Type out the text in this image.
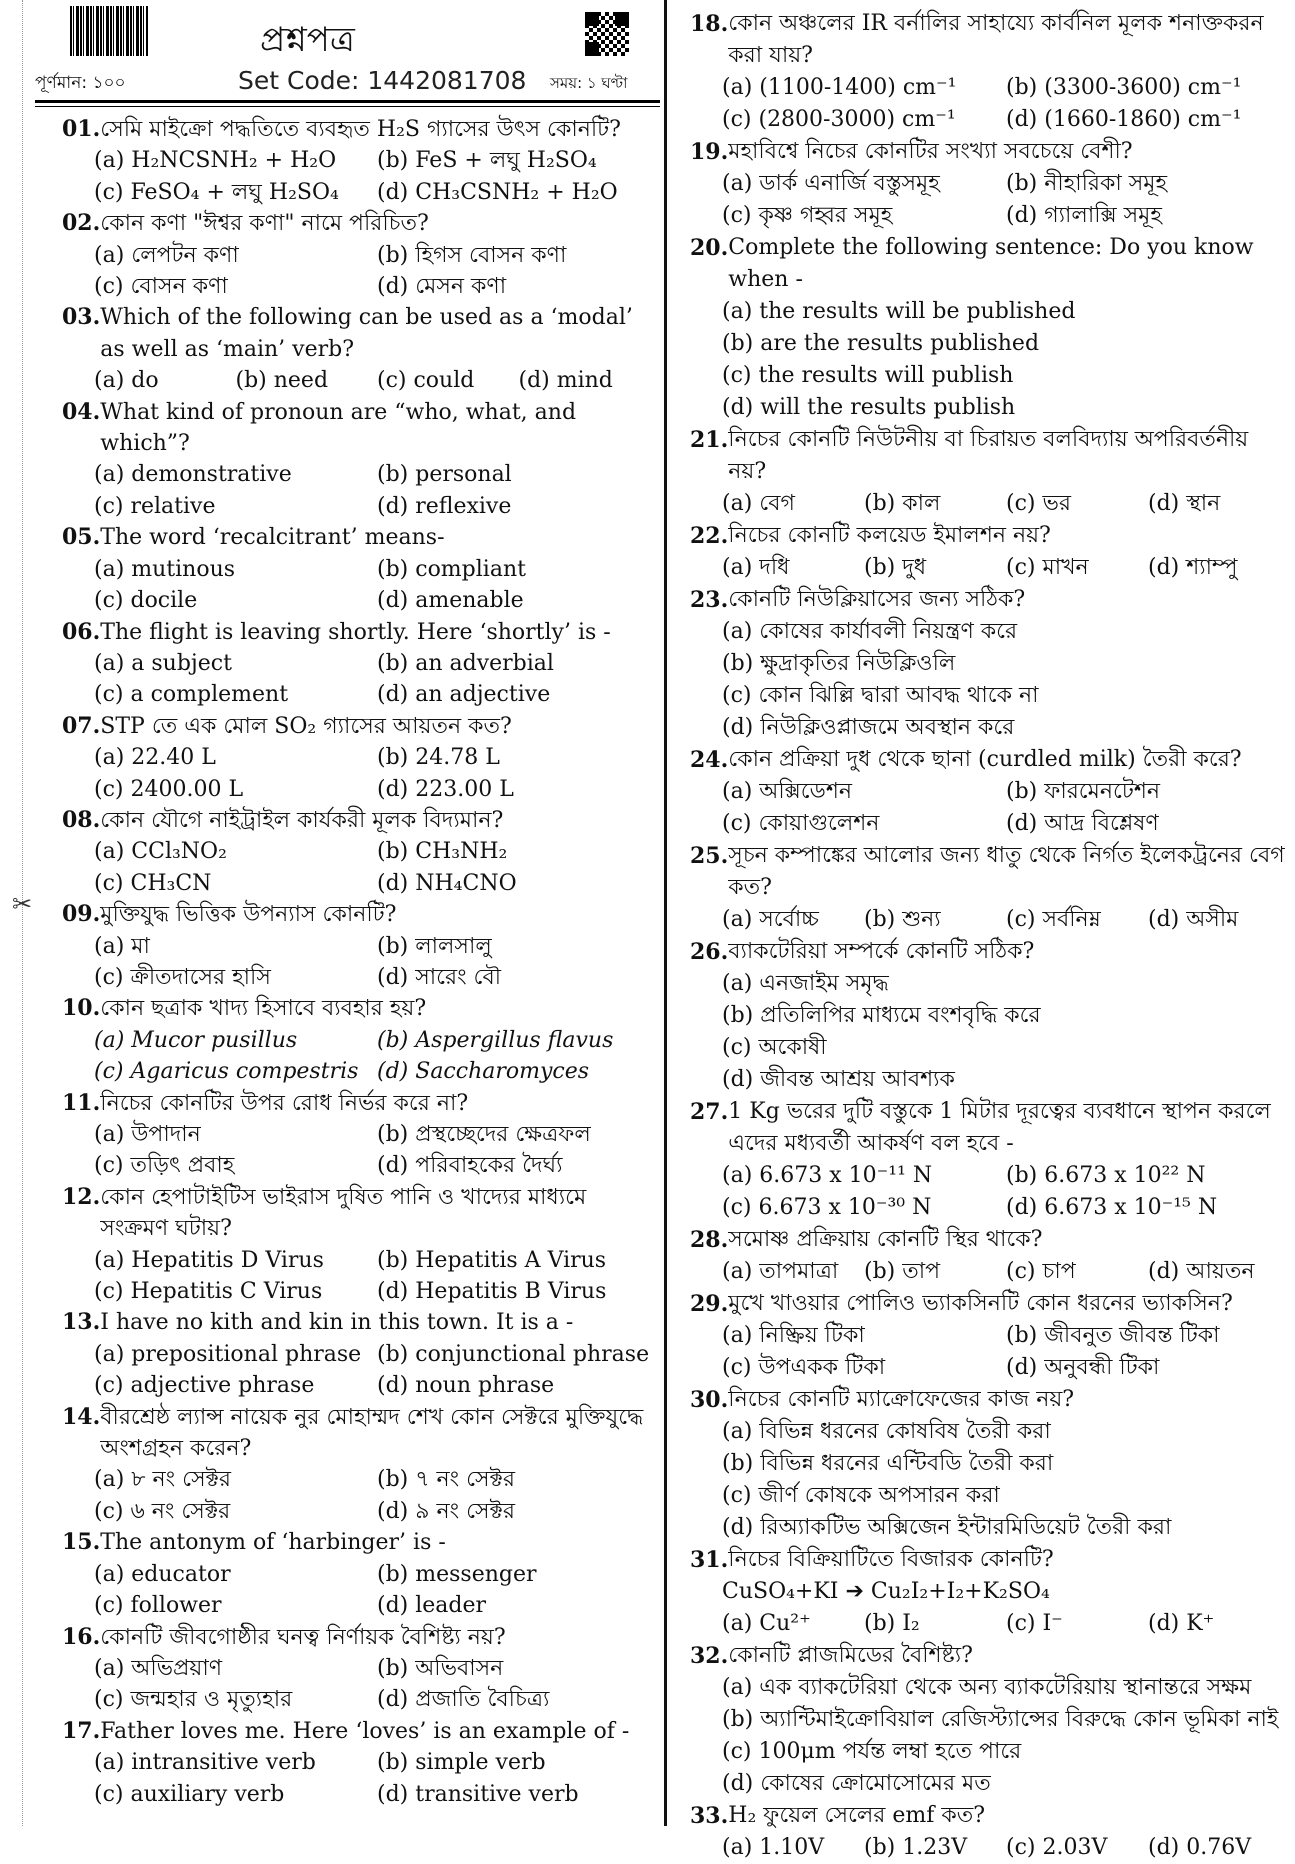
✂
প্রশ্নপত্র
পূর্ণমান: ১০০	Set Code: 1442081708 সময়: ১ ঘণ্টা
01. সেমি মাইক্রো পদ্ধতিতে ব্যবহৃত H₂S গ্যাসের উৎস কোনটি?
(a) H₂NCSNH₂ + H₂O	(b) FeS + লঘু H₂SO₄
(c) FeSO₄ + লঘু H₂SO₄	(d) CH₃CSNH₂ + H₂O
02. কোন কণা "ঈশ্বর কণা" নামে পরিচিত?
(a) লেপটন কণা	(b) হিগস বোসন কণা
(c) বোসন কণা	(d) মেসন কণা
03. Which of the following can be used as a ‘modal’ as well as ‘main’ verb?
(a) do	(b) need	(c) could	(d) mind
04. What kind of pronoun are “who, what, and which”?
(a) demonstrative	(b) personal
(c) relative	(d) reflexive
05. The word ‘recalcitrant’ means-
(a) mutinous	(b) compliant
(c) docile	(d) amenable
06. The flight is leaving shortly. Here ‘shortly’ is -
(a) a subject	(b) an adverbial
(c) a complement	(d) an adjective
07. STP তে এক মোল SO₂ গ্যাসের আয়তন কত?
(a) 22.40 L	(b) 24.78 L
(c) 2400.00 L	(d) 223.00 L
08. কোন যৌগে নাইট্রাইল কার্যকরী মূলক বিদ্যমান?
(a) CCl₃NO₂	(b) CH₃NH₂
(c) CH₃CN	(d) NH₄CNO
09. মুক্তিযুদ্ধ ভিত্তিক উপন্যাস কোনটি?
(a) মা	(b) লালসালু
(c) ক্রীতদাসের হাসি	(d) সারেং বৌ
10. কোন ছত্রাক খাদ্য হিসাবে ব্যবহার হয়?
(a) Mucor pusillus	(b) Aspergillus flavus
(c) Agaricus compestris (d) Saccharomyces
11. নিচের কোনটির উপর রোধ নির্ভর করে না?
(a) উপাদান	(b) প্রস্থচ্ছেদের ক্ষেত্রফল
(c) তড়িৎ প্রবাহ	(d) পরিবাহকের দৈর্ঘ্য
12. কোন হেপাটাইটিস ভাইরাস দুষিত পানি ও খাদ্যের মাধ্যমে সংক্রমণ ঘটায়?
(a) Hepatitis D Virus	(b) Hepatitis A Virus
(c) Hepatitis C Virus	(d) Hepatitis B Virus
13. I have no kith and kin in this town. It is a -
(a) prepositional phrase (b) conjunctional phrase
(c) adjective phrase	(d) noun phrase
14. বীরশ্রেষ্ঠ ল্যান্স নায়েক নুর মোহাম্মদ শেখ কোন সেক্টরে মুক্তিযুদ্ধে অংশগ্রহন করেন?
(a) ৮ নং সেক্টর	(b) ৭ নং সেক্টর
(c) ৬ নং সেক্টর	(d) ৯ নং সেক্টর
15. The antonym of ‘harbinger’ is -
(a) educator	(b) messenger
(c) follower	(d) leader
16. কোনটি জীবগোষ্ঠীর ঘনত্ব নির্ণায়ক বৈশিষ্ট্য নয়?
(a) অভিপ্রয়াণ	(b) অভিবাসন
(c) জন্মহার ও মৃত্যুহার	(d) প্রজাতি বৈচিত্র্য
17. Father loves me. Here ‘loves’ is an example of -
(a) intransitive verb	(b) simple verb
(c) auxiliary verb	(d) transitive verb
18. কোন অঞ্চলের IR বর্নালির সাহায্যে কার্বনিল মূলক শনাক্তকরন করা যায়?
(a) (1100-1400) cm⁻¹	(b) (3300-3600) cm⁻¹
(c) (2800-3000) cm⁻¹	(d) (1660-1860) cm⁻¹
19. মহাবিশ্বে নিচের কোনটির সংখ্যা সবচেয়ে বেশী?
(a) ডার্ক এনার্জি বস্তুসমূহ	(b) নীহারিকা সমূহ
(c) কৃষ্ণ গহ্বর সমূহ	(d) গ্যালাক্সি সমূহ
20. Complete the following sentence: Do you know when -
(a) the results will be published
(b) are the results published
(c) the results will publish
(d) will the results publish
21. নিচের কোনটি নিউটনীয় বা চিরায়ত বলবিদ্যায় অপরিবর্তনীয় নয়?
(a) বেগ	(b) কাল	(c) ভর	(d) স্থান
22. নিচের কোনটি কলয়েড ইমালশন নয়?
(a) দধি	(b) দুধ	(c) মাখন	(d) শ্যাম্পু
23. কোনটি নিউক্লিয়াসের জন্য সঠিক?
(a) কোষের কার্যাবলী নিয়ন্ত্রণ করে
(b) ক্ষুদ্রাকৃতির নিউক্লিওলি
(c) কোন ঝিল্লি দ্বারা আবদ্ধ থাকে না
(d) নিউক্লিওপ্লাজমে অবস্থান করে
24. কোন প্রক্রিয়া দুধ থেকে ছানা (curdled milk) তৈরী করে?
(a) অক্সিডেশন	(b) ফারমেনটেশন
(c) কোয়াগুলেশন	(d) আদ্র বিশ্লেষণ
25. সূচন কম্পাঙ্কের আলোর জন্য ধাতু থেকে নির্গত ইলেকট্রনের বেগ কত?
(a) সর্বোচ্চ	(b) শুন্য	(c) সর্বনিম্ন	(d) অসীম
26. ব্যাকটেরিয়া সম্পর্কে কোনটি সঠিক?
(a) এনজাইম সমৃদ্ধ
(b) প্রতিলিপির মাধ্যমে বংশবৃদ্ধি করে
(c) অকোষী
(d) জীবন্ত আশ্রয় আবশ্যক
27. 1 Kg ভরের দুটি বস্তুকে 1 মিটার দূরত্বের ব্যবধানে স্থাপন করলে এদের মধ্যবর্তী আকর্ষণ বল হবে -
(a) 6.673 x 10⁻¹¹ N	(b) 6.673 x 10²² N
(c) 6.673 x 10⁻³⁰ N	(d) 6.673 x 10⁻¹⁵ N
28. সমোষ্ণ প্রক্রিয়ায় কোনটি স্থির থাকে?
(a) তাপমাত্রা	(b) তাপ	(c) চাপ	(d) আয়তন
29. মুখে খাওয়ার পোলিও ভ্যাকসিনটি কোন ধরনের ভ্যাকসিন?
(a) নিষ্ক্রিয় টিকা	(b) জীবনুত জীবন্ত টিকা
(c) উপএকক টিকা	(d) অনুবন্ধী টিকা
30. নিচের কোনটি ম্যাক্রোফেজের কাজ নয়?
(a) বিভিন্ন ধরনের কোষবিষ তৈরী করা
(b) বিভিন্ন ধরনের এন্টিবডি তৈরী করা
(c) জীর্ণ কোষকে অপসারন করা
(d) রিঅ্যাকটিভ অক্সিজেন ইন্টারমিডিয়েট তৈরী করা
31. নিচের বিক্রিয়াটিতে বিজারক কোনটি?
CuSO₄+KI ➔ Cu₂I₂+I₂+K₂SO₄
(a) Cu²⁺	(b) I₂	(c) I⁻	(d) K⁺
32. কোনটি প্লাজমিডের বৈশিষ্ট্য?
(a) এক ব্যাকটেরিয়া থেকে অন্য ব্যাকটেরিয়ায় স্থানান্তরে সক্ষম
(b) অ্যান্টিমাইক্রোবিয়াল রেজিস্ট্যান্সের বিরুদ্ধে কোন ভূমিকা নাই
(c) 100μm পর্যন্ত লম্বা হতে পারে
(d) কোষের ক্রোমোসোমের মত
33. H₂ ফুয়েল সেলের emf কত?
(a) 1.10V	(b) 1.23V	(c) 2.03V	(d) 0.76V
